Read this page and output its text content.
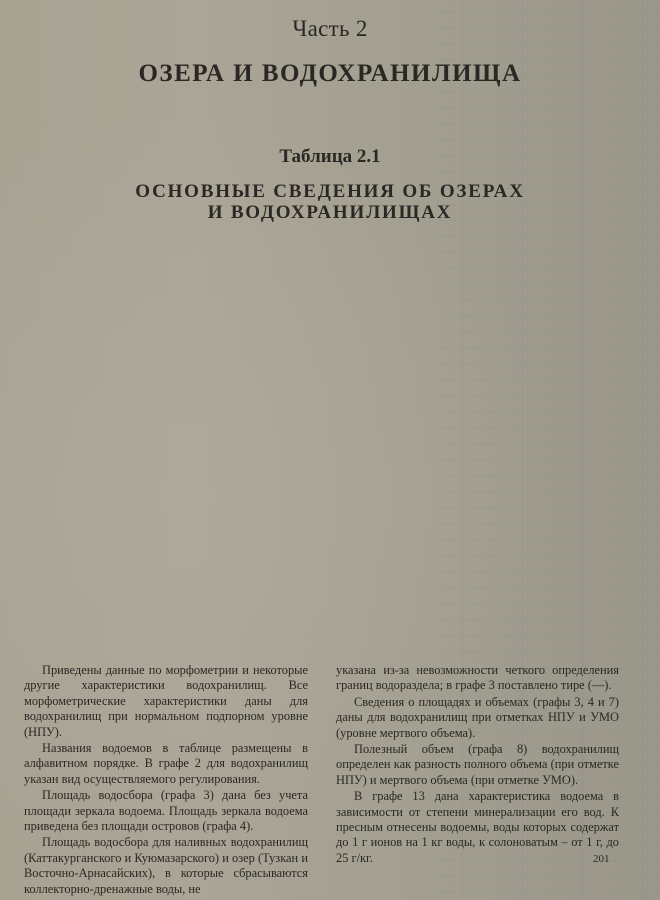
Часть 2
ОЗЕРА И ВОДОХРАНИЛИЩА
Таблица 2.1
ОСНОВНЫЕ СВЕДЕНИЯ ОБ ОЗЕРАХ
И ВОДОХРАНИЛИЩАХ

Приведены данные по морфометрии и некоторые другие характеристики водохранилищ. Все морфометрические характеристики даны для водохранилищ при нормальном подпорном уровне (НПУ).

Названия водоемов в таблице размещены в алфавитном порядке. В графе 2 для водохранилищ указан вид осуществляемого регулирования.

Площадь водосбора (графа 3) дана без учета площади зеркала водоема. Площадь зеркала водоема приведена без площади островов (графа 4).

Площадь водосбора для наливных водохранилищ (Каттакурганского и Куюмазарского) и озер (Тузкан и Восточно-Арнасайских), в которые сбрасываются коллекторно-дренажные воды, не

указана из-за невозможности четкого определения границ водораздела; в графе 3 поставлено тире (—).

Сведения о площадях и объемах (графы 3, 4 и 7) даны для водохранилищ при отметках НПУ и УМО (уровне мертвого объема).

Полезный объем (графа 8) водохранилищ определен как разность полного объема (при отметке НПУ) и мертвого объема (при отметке УМО).

В графе 13 дана характеристика водоема в зависимости от степени минерализации его вод. К пресным отнесены водоемы, воды которых содержат до 1 г ионов на 1 кг воды, к солоноватым – от 1 г, до 25 г/кг.	201
